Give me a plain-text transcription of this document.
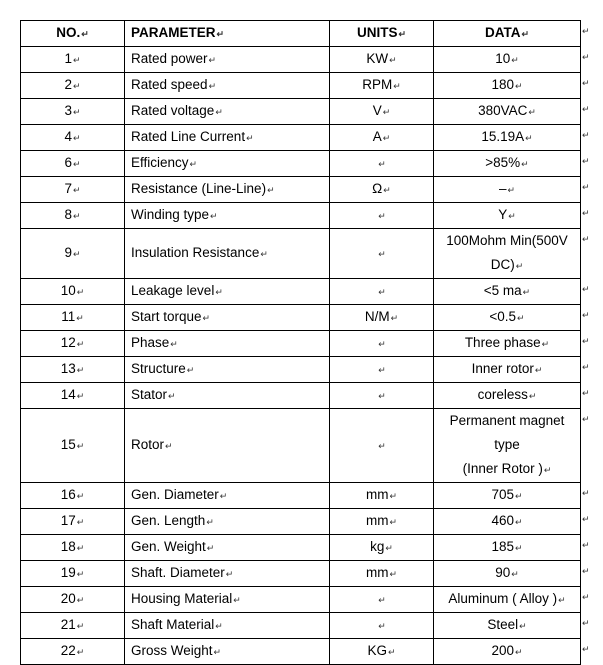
NO.↵	PARAMETER↵	UNITS↵	DATA↵
1↵	Rated power↵	KW↵	10↵
2↵	Rated speed↵	RPM↵	180↵
3↵	Rated voltage↵	V↵	380VAC↵
4↵	Rated Line Current↵	A↵	15.19A↵
6↵	Efficiency↵	↵	>85%↵
7↵	Resistance (Line-Line)↵	Ω↵	–↵
8↵	Winding type↵	↵	Y↵
9↵	Insulation Resistance↵	↵	100Mohm Min(500V
DC)↵

10↵	Leakage level↵	↵	<5 ma↵
11↵	Start torque↵	N/M↵	<0.5↵
12↵	Phase↵	↵	Three phase↵
13↵	Structure↵	↵	Inner rotor↵
14↵	Stator↵	↵	coreless↵
15↵	Rotor↵	↵	Permanent magnet type
(Inner Rotor )↵

16↵	Gen. Diameter↵	mm↵	705↵
17↵	Gen. Length↵	mm↵	460↵
18↵	Gen. Weight↵	kg↵	185↵
19↵	Shaft. Diameter↵	mm↵	90↵
20↵	Housing Material↵	↵	Aluminum ( Alloy )↵
21↵	Shaft Material↵	↵	Steel↵
22↵	Gross Weight↵	KG↵	200↵
↵
↵
↵
↵
↵
↵
↵
↵
↵
↵
↵
↵
↵
↵
↵
↵
↵
↵
↵
↵
↵
↵
